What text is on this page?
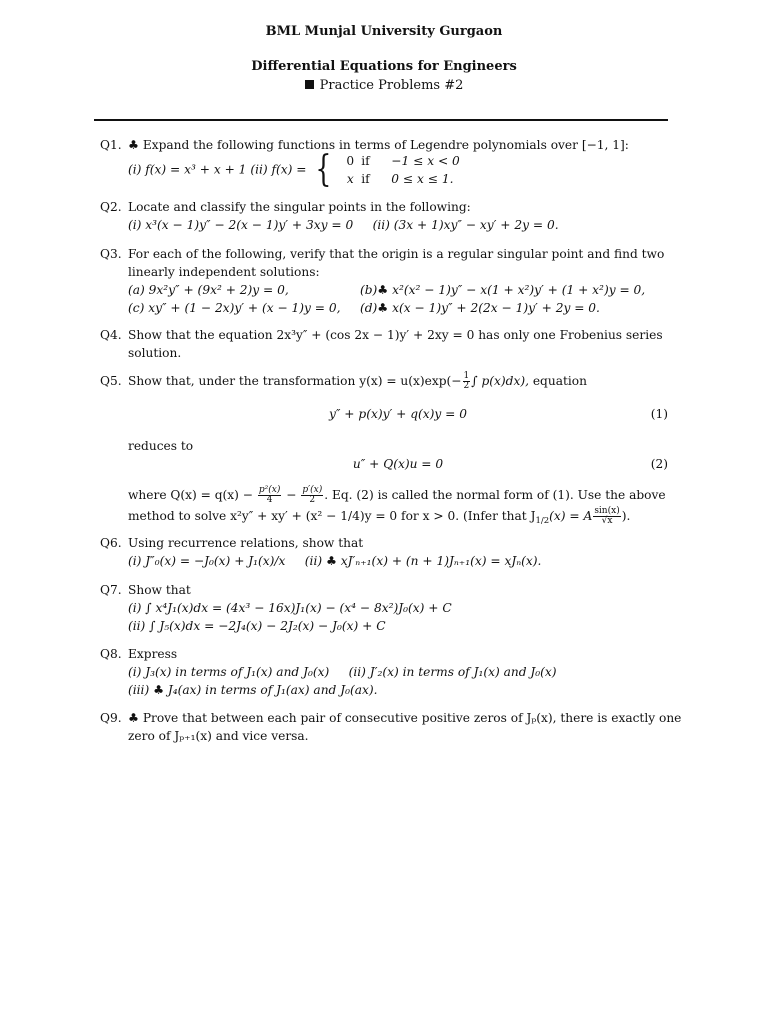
BML Munjal University Gurgaon
Differential Equations for Engineers
Practice Problems #2
Q1. ♣ Expand the following functions in terms of Legendre polynomials over [−1, 1]:
(i) f(x) = x³ + x + 1 (ii) f(x) = {	0 if	−1 ≤ x < 0
x if	0 ≤ x ≤ 1.
Q2. Locate and classify the singular points in the following:
(i) x³(x − 1)y″ − 2(x − 1)y′ + 3xy = 0 (ii) (3x + 1)xy″ − xy′ + 2y = 0.
Q3. For each of the following, verify that the origin is a regular singular point and find two
linearly independent solutions:
(a) 9x²y″ + (9x² + 2)y = 0,	(b)♣ x²(x² − 1)y″ − x(1 + x²)y′ + (1 + x²)y = 0,
(c) xy″ + (1 − 2x)y′ + (x − 1)y = 0,	(d)♣ x(x − 1)y″ + 2(2x − 1)y′ + 2y = 0.
Q4. Show that the equation 2x³y″ + (cos 2x − 1)y′ + 2xy = 0 has only one Frobenius series
solution.
Q5. Show that, under the transformation $y(x) = u(x)\exp(- \frac{1}{2}$ ∫ p(x)dx), equation
y″ + p(x)y′ + q(x)y = 0	(1)
reduces to
u″ + Q(x)u = 0	(2)
where $Q(x) = q(x) - \frac{\text{p²(x)}}{4} - \frac{p'(x)}{2}$ . Eq. (2) is called the normal form of (1). Use the above
method to solve x²y″ + xy′ + (x² − 1/4)y = 0 for x > 0. (Infer that $J_{1/2}(x) = A \frac{\sin(x)}{√x}$ ).
Q6. Using recurrence relations, show that
(i) J″₀(x) = −J₀(x) + J₁(x)/x (ii) ♣ xJ′ₙ₊₁(x) + (n + 1)Jₙ₊₁(x) = xJₙ(x).
Q7. Show that
(i) ∫ x⁴J₁(x)dx = (4x³ − 16x)J₁(x) − (x⁴ − 8x²)J₀(x) + C
(ii) ∫ J₅(x)dx = −2J₄(x) − 2J₂(x) − J₀(x) + C
Q8. Express
(i) J₃(x) in terms of J₁(x) and J₀(x) (ii) J′₂(x) in terms of J₁(x) and J₀(x)
(iii) ♣ J₄(ax) in terms of J₁(ax) and J₀(ax).
Q9. ♣ Prove that between each pair of consecutive positive zeros of Jₚ(x), there is exactly one
zero of Jₚ₊₁(x) and vice versa.
